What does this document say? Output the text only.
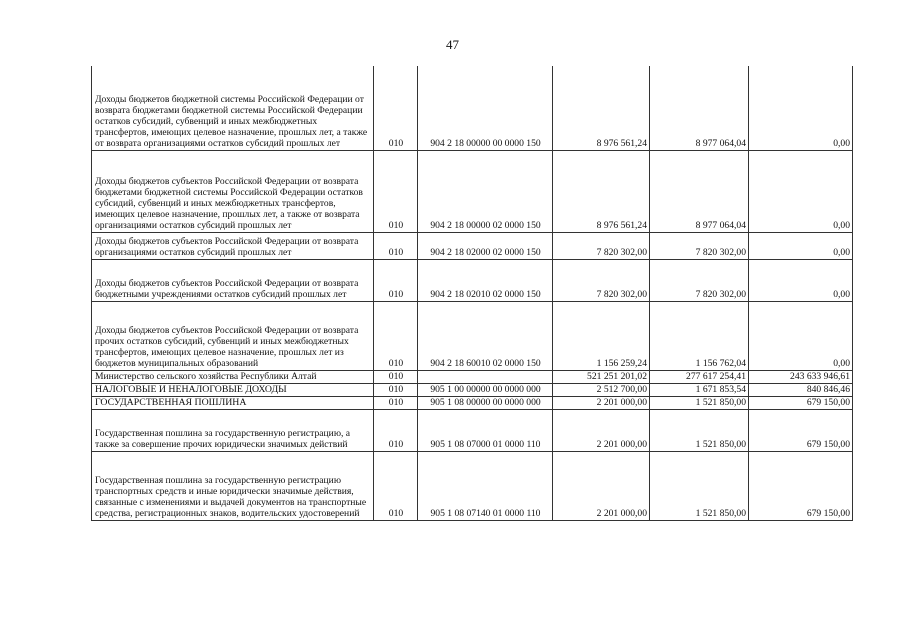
47
Доходы бюджетов бюджетной системы Российской Федерации от возврата бюджетами бюджетной системы Российской Федерации остатков субсидий, субвенций и иных межбюджетных трансфертов, имеющих целевое назначение, прошлых лет, а также от возврата организациями остатков субсидий прошлых лет	010	904 2 18 00000 00 0000 150	8 976 561,24	8 977 064,04	0,00
Доходы бюджетов субъектов Российской Федерации от возврата бюджетами бюджетной системы Российской Федерации остатков субсидий, субвенций и иных межбюджетных трансфертов, имеющих целевое назначение, прошлых лет, а также от возврата организациями остатков субсидий прошлых лет	010	904 2 18 00000 02 0000 150	8 976 561,24	8 977 064,04	0,00
Доходы бюджетов субъектов Российской Федерации от возврата организациями остатков субсидий прошлых лет	010	904 2 18 02000 02 0000 150	7 820 302,00	7 820 302,00	0,00
Доходы бюджетов субъектов Российской Федерации от возврата бюджетными учреждениями остатков субсидий прошлых лет	010	904 2 18 02010 02 0000 150	7 820 302,00	7 820 302,00	0,00
Доходы бюджетов субъектов Российской Федерации от возврата прочих остатков субсидий, субвенций и иных межбюджетных трансфертов, имеющих целевое назначение, прошлых лет из бюджетов муниципальных образований	010	904 2 18 60010 02 0000 150	1 156 259,24	1 156 762,04	0,00
Министерство сельского хозяйства Республики Алтай	010		521 251 201,02	277 617 254,41	243 633 946,61
НАЛОГОВЫЕ И НЕНАЛОГОВЫЕ ДОХОДЫ	010	905 1 00 00000 00 0000 000	2 512 700,00	1 671 853,54	840 846,46
ГОСУДАРСТВЕННАЯ ПОШЛИНА	010	905 1 08 00000 00 0000 000	2 201 000,00	1 521 850,00	679 150,00
Государственная пошлина за государственную регистрацию, а также за совершение прочих юридически значимых действий	010	905 1 08 07000 01 0000 110	2 201 000,00	1 521 850,00	679 150,00
Государственная пошлина за государственную регистрацию транспортных средств и иные юридически значимые действия, связанные с изменениями и выдачей документов на транспортные средства, регистрационных знаков, водительских удостоверений	010	905 1 08 07140 01 0000 110	2 201 000,00	1 521 850,00	679 150,00
